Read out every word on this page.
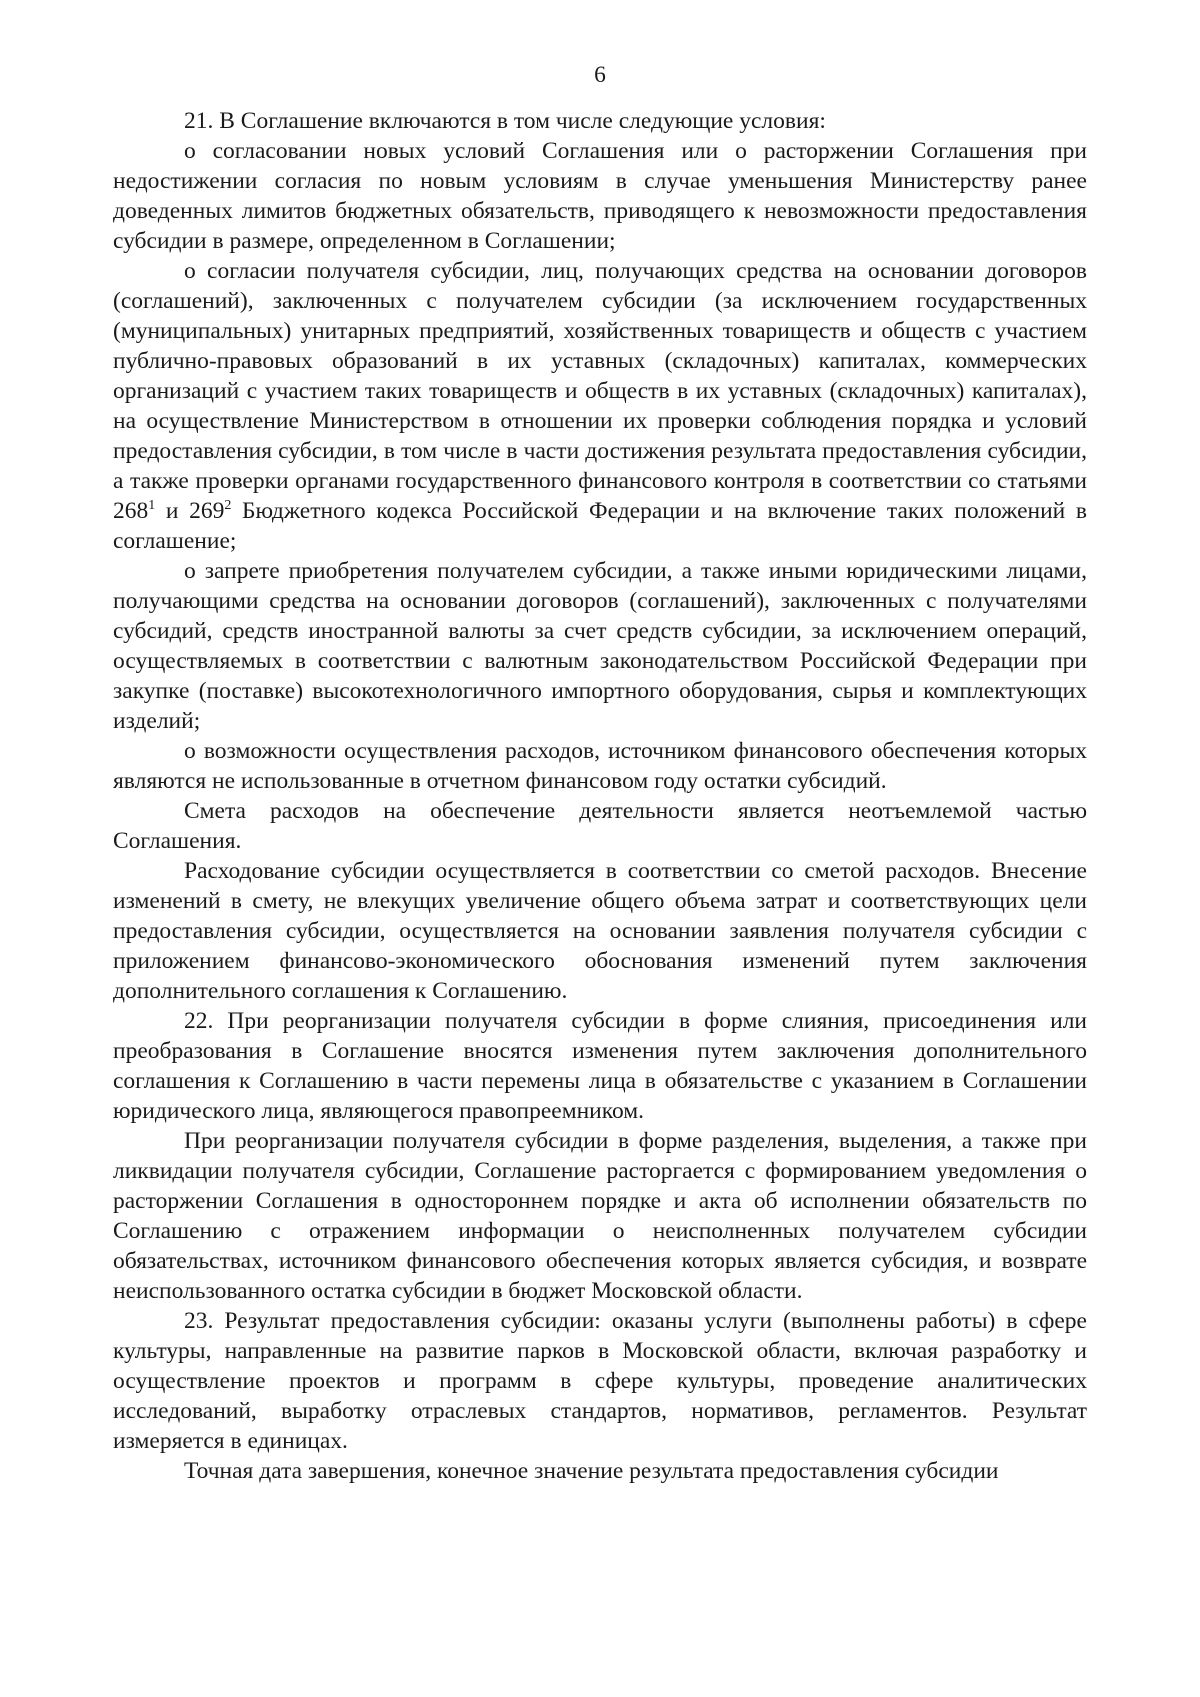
6

21. В Соглашение включаются в том числе следующие условия:

о согласовании новых условий Соглашения или о расторжении Соглашения при недостижении согласия по новым условиям в случае уменьшения Министерству ранее доведенных лимитов бюджетных обязательств, приводящего к невозможности предоставления субсидии в размере, определенном в Соглашении;

о согласии получателя субсидии, лиц, получающих средства на основании договоров (соглашений), заключенных с получателем субсидии (за исключением государственных (муниципальных) унитарных предприятий, хозяйственных товариществ и обществ с участием публично-правовых образований в их уставных (складочных) капиталах, коммерческих организаций с участием таких товариществ и обществ в их уставных (складочных) капиталах), на осуществление Министерством в отношении их проверки соблюдения порядка и условий предоставления субсидии, в том числе в части достижения результата предоставления субсидии, а также проверки органами государственного финансового контроля в соответствии со статьями $268^1$ и $269^2$ Бюджетного кодекса Российской Федерации и на включение таких положений в соглашение;

о запрете приобретения получателем субсидии, а также иными юридическими лицами, получающими средства на основании договоров (соглашений), заключенных с получателями субсидий, средств иностранной валюты за счет средств субсидии, за исключением операций, осуществляемых в соответствии с валютным законодательством Российской Федерации при закупке (поставке) высокотехнологичного импортного оборудования, сырья и комплектующих изделий;

о возможности осуществления расходов, источником финансового обеспечения которых являются не использованные в отчетном финансовом году остатки субсидий.

Смета расходов на обеспечение деятельности является неотъемлемой частью Соглашения.

Расходование субсидии осуществляется в соответствии со сметой расходов. Внесение изменений в смету, не влекущих увеличение общего объема затрат и соответствующих цели предоставления субсидии, осуществляется на основании заявления получателя субсидии с приложением финансово-экономического обоснования изменений путем заключения дополнительного соглашения к Соглашению.

22. При реорганизации получателя субсидии в форме слияния, присоединения или преобразования в Соглашение вносятся изменения путем заключения дополнительного соглашения к Соглашению в части перемены лица в обязательстве с указанием в Соглашении юридического лица, являющегося правопреемником.

При реорганизации получателя субсидии в форме разделения, выделения, а также при ликвидации получателя субсидии, Соглашение расторгается с формированием уведомления о расторжении Соглашения в одностороннем порядке и акта об исполнении обязательств по Соглашению с отражением информации о неисполненных получателем субсидии обязательствах, источником финансового обеспечения которых является субсидия, и возврате неиспользованного остатка субсидии в бюджет Московской области.

23. Результат предоставления субсидии: оказаны услуги (выполнены работы) в сфере культуры, направленные на развитие парков в Московской области, включая разработку и осуществление проектов и программ в сфере культуры, проведение аналитических исследований, выработку отраслевых стандартов, нормативов, регламентов. Результат измеряется в единицах.

Точная дата завершения, конечное значение результата предоставления субсидии
